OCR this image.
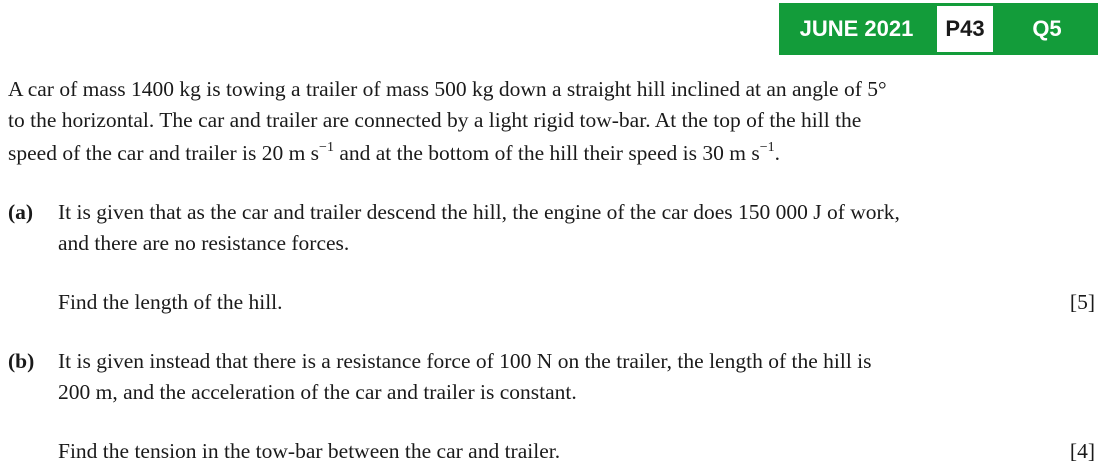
JUNE 2021	P43	Q5
A car of mass 1400 kg is towing a trailer of mass 500 kg down a straight hill inclined at an angle of 5°
to the horizontal. The car and trailer are connected by a light rigid tow-bar. At the top of the hill the
speed of the car and trailer is 20 m $s^{-1}$ and at the bottom of the hill their speed is 30 m $s^{-1}$.
(a) It is given that as the car and trailer descend the hill, the engine of the car does 150 000 J of work,
and there are no resistance forces.
Find the length of the hill.	[5]
(b) It is given instead that there is a resistance force of 100 N on the trailer, the length of the hill is
200 m, and the acceleration of the car and trailer is constant.
Find the tension in the tow-bar between the car and trailer.	[4]
